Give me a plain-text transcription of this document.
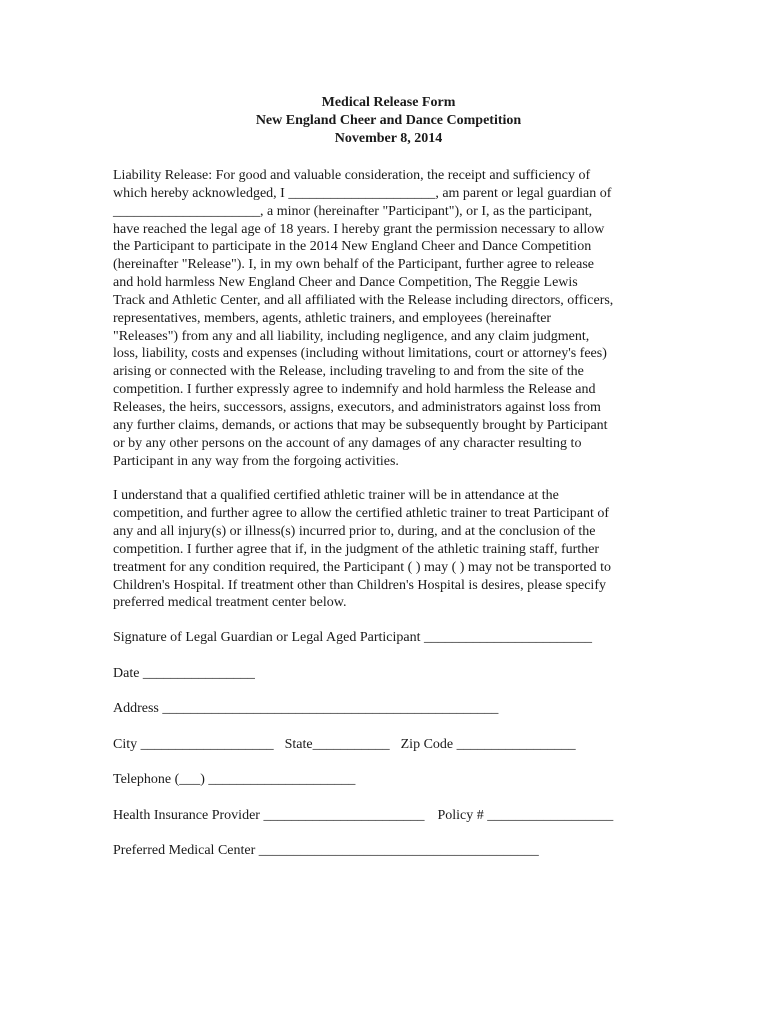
Medical Release Form
New England Cheer and Dance Competition
November 8, 2014
Liability Release: For good and valuable consideration, the receipt and sufficiency of
which hereby acknowledged, I _____________________, am parent or legal guardian of
_____________________, a minor (hereinafter "Participant"), or I, as the participant,
have reached the legal age of 18 years. I hereby grant the permission necessary to allow
the Participant to participate in the 2014 New England Cheer and Dance Competition
(hereinafter "Release"). I, in my own behalf of the Participant, further agree to release
and hold harmless New England Cheer and Dance Competition, The Reggie Lewis
Track and Athletic Center, and all affiliated with the Release including directors, officers,
representatives, members, agents, athletic trainers, and employees (hereinafter
"Releases") from any and all liability, including negligence, and any claim judgment,
loss, liability, costs and expenses (including without limitations, court or attorney's fees)
arising or connected with the Release, including traveling to and from the site of the
competition. I further expressly agree to indemnify and hold harmless the Release and
Releases, the heirs, successors, assigns, executors, and administrators against loss from
any further claims, demands, or actions that may be subsequently brought by Participant
or by any other persons on the account of any damages of any character resulting to
Participant in any way from the forgoing activities.
I understand that a qualified certified athletic trainer will be in attendance at the
competition, and further agree to allow the certified athletic trainer to treat Participant of
any and all injury(s) or illness(s) incurred prior to, during, and at the conclusion of the
competition. I further agree that if, in the judgment of the athletic training staff, further
treatment for any condition required, the Participant ( ) may ( ) may not be transported to
Children's Hospital. If treatment other than Children's Hospital is desires, please specify
preferred medical treatment center below.
Signature of Legal Guardian or Legal Aged Participant ________________________
Date ________________
Address ________________________________________________
City ___________________ State___________ Zip Code _________________
Telephone (___) _____________________
Health Insurance Provider _______________________ Policy # __________________
Preferred Medical Center ________________________________________
